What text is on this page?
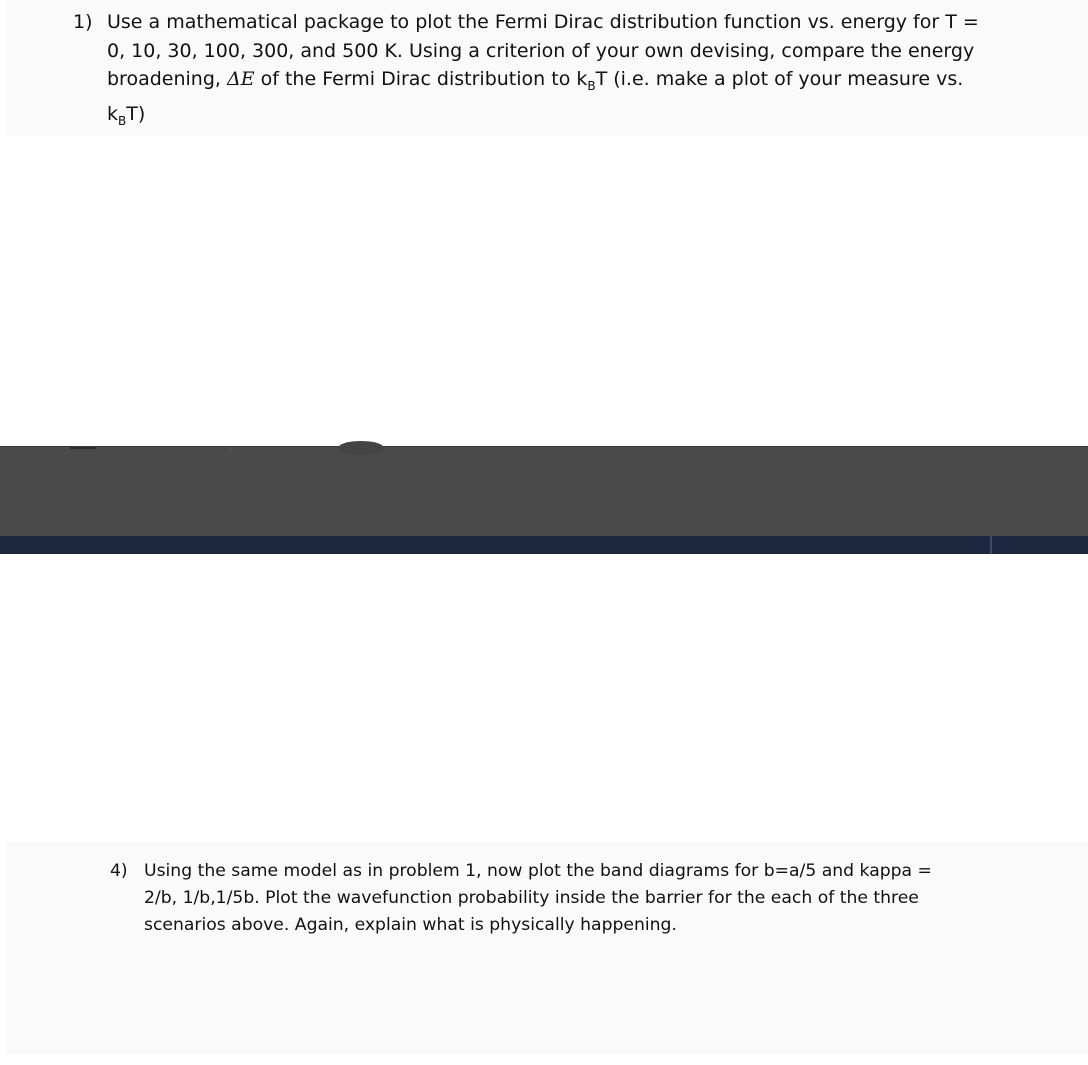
1) Use a mathematical package to plot the Fermi Dirac distribution function vs. energy for T =
0, 10, 30, 100, 300, and 500 K. Using a criterion of your own devising, compare the energy
broadening, ΔE of the Fermi Dirac distribution to $k_BT$ (i.e. make a plot of your measure vs.
$k_BT$)
4) Using the same model as in problem 1, now plot the band diagrams for b=a/5 and kappa =
2/b, 1/b,1/5b. Plot the wavefunction probability inside the barrier for the each of the three
scenarios above. Again, explain what is physically happening.
